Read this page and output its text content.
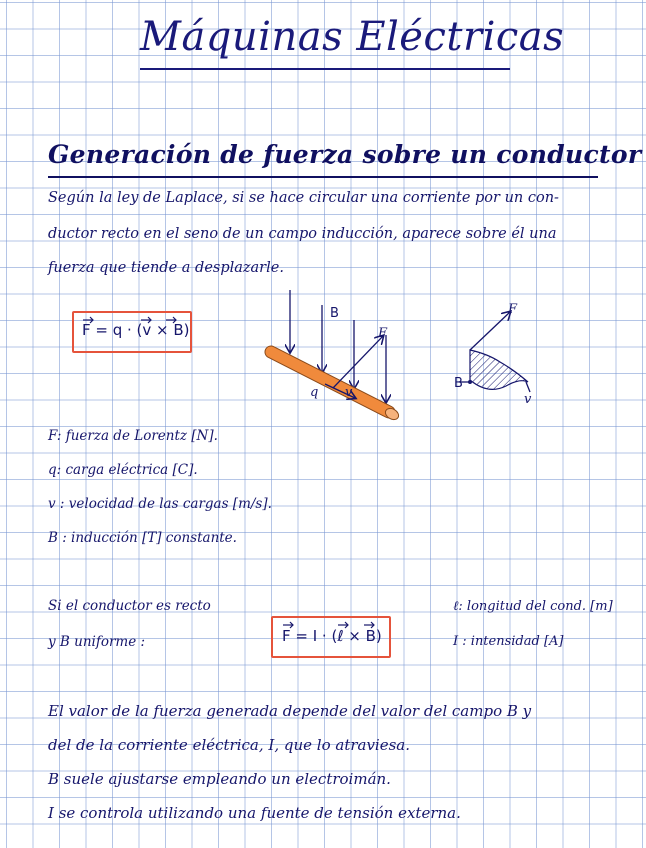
Máquinas Eléctricas
Generación de fuerza sobre un conductor
Según la ley de Laplace, si se hace circular una corriente por un con-
ductor recto en el seno de un campo inducción, aparece sobre él una
fuerza que tiende a desplazarle.
F = q · (v × B)
B
F
q v
F
B
v
F: fuerza de Lorentz [N].
q: carga eléctrica [C].
v : velocidad de las cargas [m/s].
B : inducción [T] constante.
Si el conductor es recto
y B uniforme :	F = I · (ℓ × B)
ℓ: longitud del cond. [m]
I : intensidad [A]
El valor de la fuerza generada depende del valor del campo B y
del de la corriente eléctrica, I, que lo atraviesa.
B suele ajustarse empleando un electroimán.
I se controla utilizando una fuente de tensión externa.
